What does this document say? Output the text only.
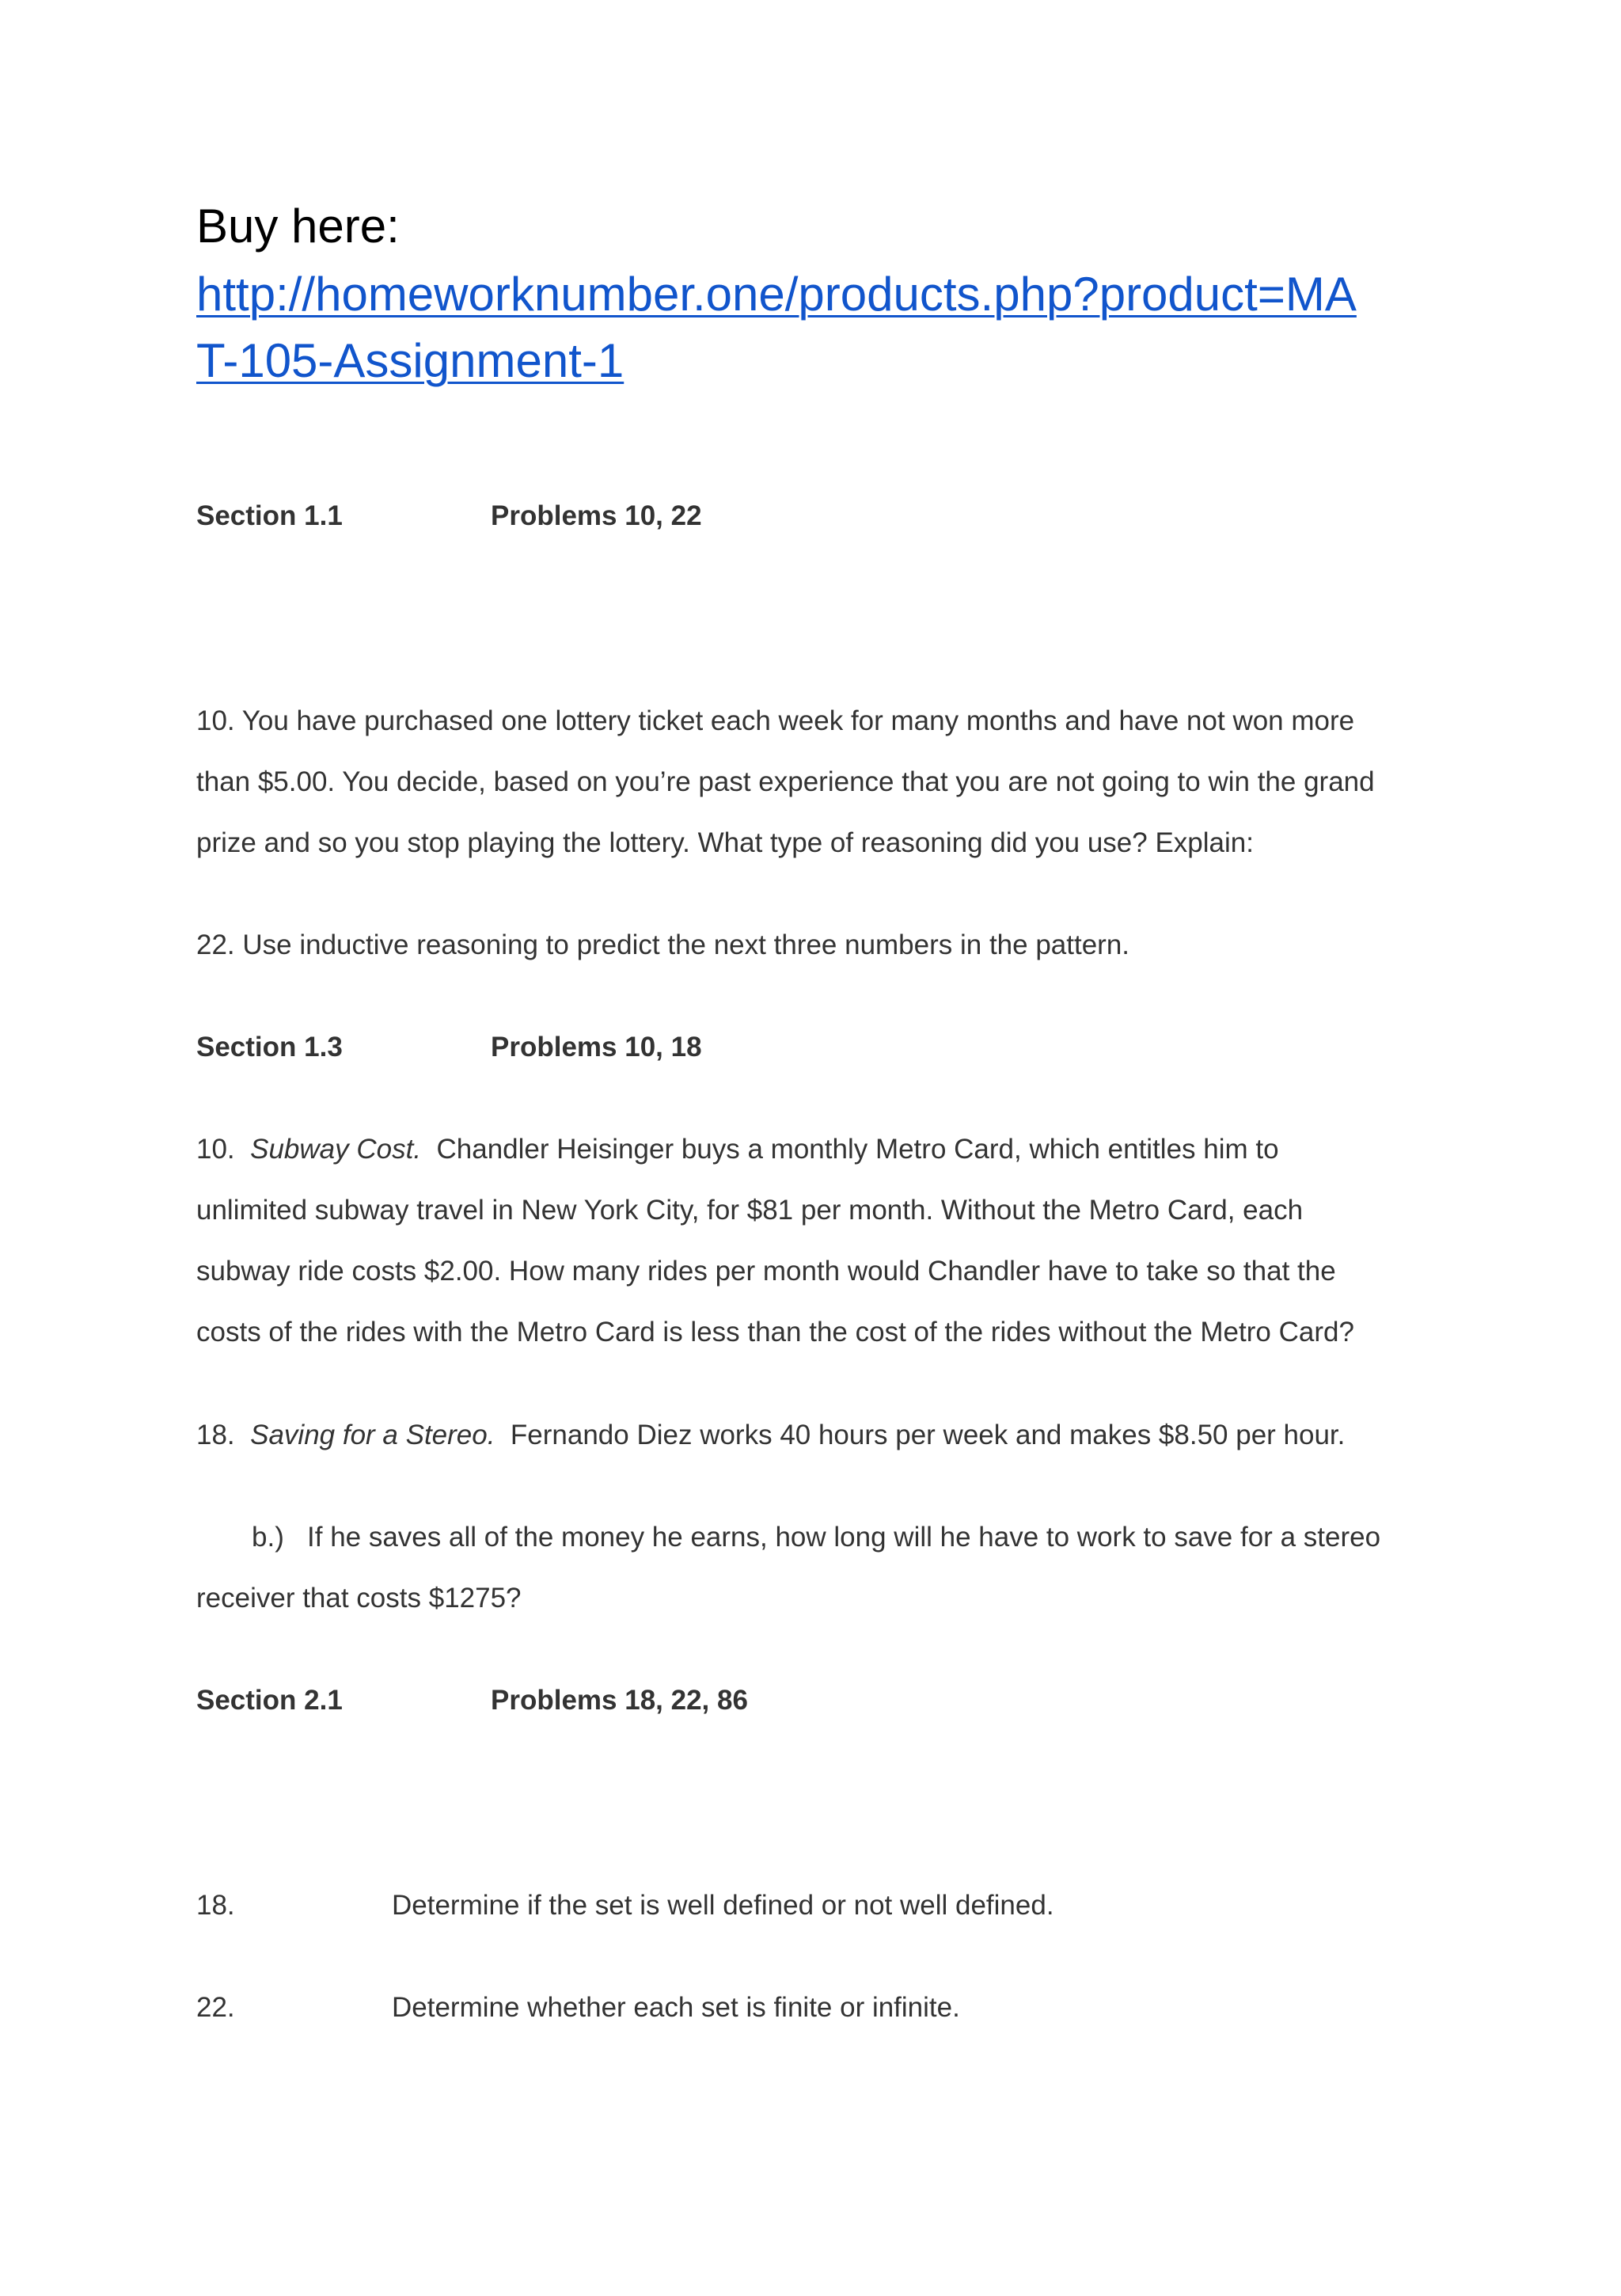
Buy here:
http://homeworknumber.one/products.php?product=MA
T-105-Assignment-1
Section 1.1	Problems 10, 22
10. You have purchased one lottery ticket each week for many months and have not won more
than $5.00. You decide, based on you’re past experience that you are not going to win the grand
prize and so you stop playing the lottery. What type of reasoning did you use? Explain:
22. Use inductive reasoning to predict the next three numbers in the pattern.
Section 1.3	Problems 10, 18
10.  Subway Cost.  Chandler Heisinger buys a monthly Metro Card, which entitles him to
unlimited subway travel in New York City, for $81 per month. Without the Metro Card, each
subway ride costs $2.00. How many rides per month would Chandler have to take so that the
costs of the rides with the Metro Card is less than the cost of the rides without the Metro Card?
18.  Saving for a Stereo.  Fernando Diez works 40 hours per week and makes $8.50 per hour.
b.)   If he saves all of the money he earns, how long will he have to work to save for a stereo
receiver that costs $1275?
Section 2.1	Problems 18, 22, 86
18.	Determine if the set is well defined or not well defined.
22.	Determine whether each set is finite or infinite.
